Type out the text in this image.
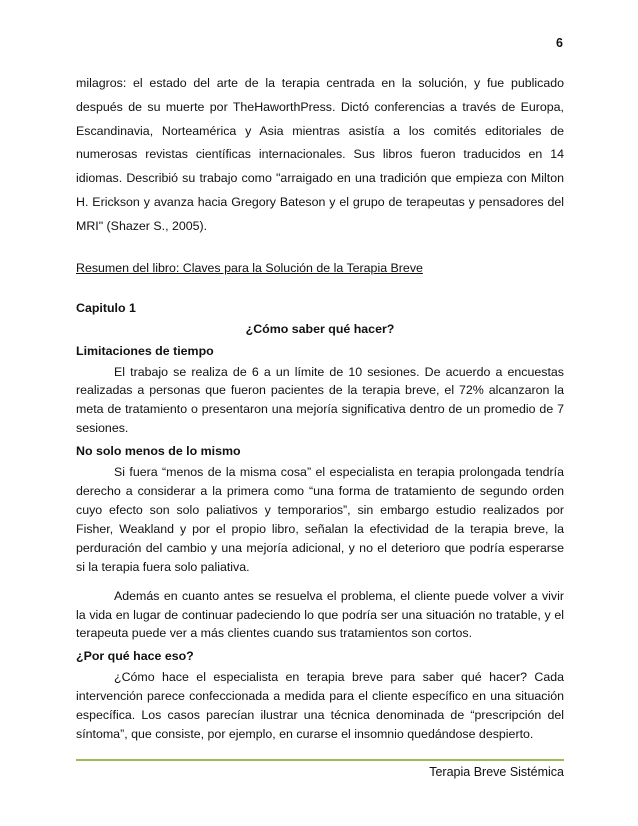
6

milagros: el estado del arte de la terapia centrada en la solución, y fue publicado después de su muerte por TheHaworthPress. Dictó conferencias a través de Europa, Escandinavia, Norteamérica y Asia mientras asistía a los comités editoriales de numerosas revistas científicas internacionales. Sus libros fueron traducidos en 14 idiomas. Describió su trabajo como "arraigado en una tradición que empieza con Milton H. Erickson y avanza hacia Gregory Bateson y el grupo de terapeutas y pensadores del MRI" (Shazer S., 2005).

Resumen del libro: Claves para la Solución de la Terapia Breve

Capitulo 1

¿Cómo saber qué hacer?

Limitaciones de tiempo

El trabajo se realiza de 6 a un límite de 10 sesiones. De acuerdo a encuestas realizadas a personas que fueron pacientes de la terapia breve, el 72% alcanzaron la meta de tratamiento o presentaron una mejoría significativa dentro de un promedio de 7 sesiones.

No solo menos de lo mismo

Si fuera “menos de la misma cosa” el especialista en terapia prolongada tendría derecho a considerar a la primera como “una forma de tratamiento de segundo orden cuyo efecto son solo paliativos y temporarios”, sin embargo estudio realizados por Fisher, Weakland y por el propio libro, señalan la efectividad de la terapia breve, la perduración del cambio y una mejoría adicional, y no el deterioro que podría esperarse si la terapia fuera solo paliativa.

Además en cuanto antes se resuelva el problema, el cliente puede volver a vivir la vida en lugar de continuar padeciendo lo que podría ser una situación no tratable, y el terapeuta puede ver a más clientes cuando sus tratamientos son cortos.

¿Por qué hace eso?

¿Cómo hace el especialista en terapia breve para saber qué hacer? Cada intervención parece confeccionada a medida para el cliente específico en una situación específica. Los casos parecían ilustrar una técnica denominada de “prescripción del síntoma”, que consiste, por ejemplo, en curarse el insomnio quedándose despierto.

Terapia Breve Sistémica
